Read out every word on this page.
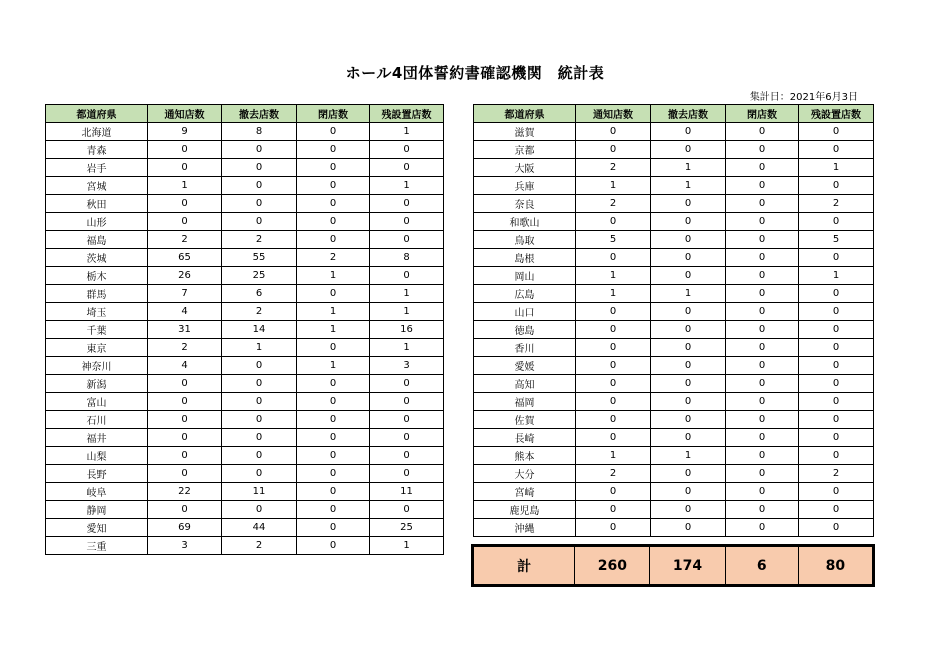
ホール4団体誓約書確認機関　統計表
集計日：2021年6月3日
都道府県	通知店数	撤去店数	閉店数	残設置店数
北海道	9	8	0	1
青森	0	0	0	0
岩手	0	0	0	0
宮城	1	0	0	1
秋田	0	0	0	0
山形	0	0	0	0
福島	2	2	0	0
茨城	65	55	2	8
栃木	26	25	1	0
群馬	7	6	0	1
埼玉	4	2	1	1
千葉	31	14	1	16
東京	2	1	0	1
神奈川	4	0	1	3
新潟	0	0	0	0
富山	0	0	0	0
石川	0	0	0	0
福井	0	0	0	0
山梨	0	0	0	0
長野	0	0	0	0
岐阜	22	11	0	11
静岡	0	0	0	0
愛知	69	44	0	25
三重	3	2	0	1
都道府県	通知店数	撤去店数	閉店数	残設置店数
滋賀	0	0	0	0
京都	0	0	0	0
大阪	2	1	0	1
兵庫	1	1	0	0
奈良	2	0	0	2
和歌山	0	0	0	0
鳥取	5	0	0	5
島根	0	0	0	0
岡山	1	0	0	1
広島	1	1	0	0
山口	0	0	0	0
徳島	0	0	0	0
香川	0	0	0	0
愛媛	0	0	0	0
高知	0	0	0	0
福岡	0	0	0	0
佐賀	0	0	0	0
長崎	0	0	0	0
熊本	1	1	0	0
大分	2	0	0	2
宮崎	0	0	0	0
鹿児島	0	0	0	0
沖縄	0	0	0	0
計	260	174	6	80
